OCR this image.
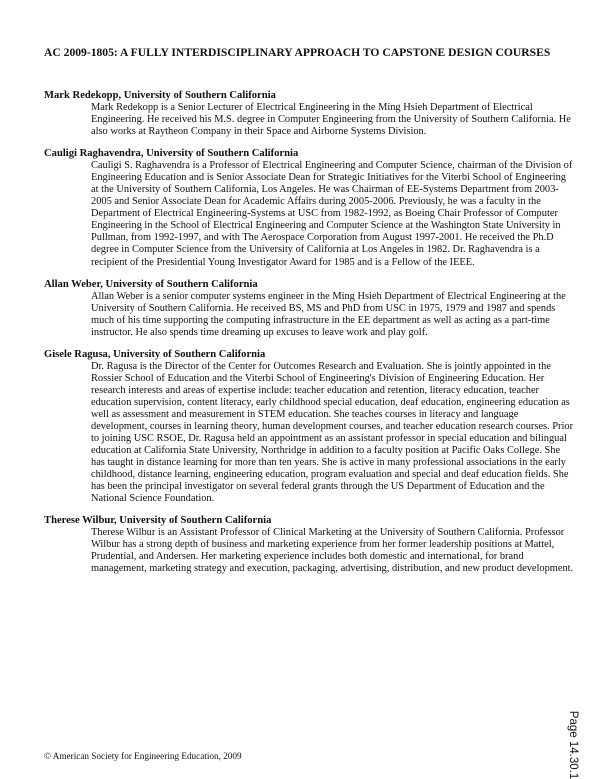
AC 2009-1805: A FULLY INTERDISCIPLINARY APPROACH TO CAPSTONE DESIGN COURSES

Mark Redekopp, University of Southern California

Mark Redekopp is a Senior Lecturer of Electrical Engineering in the Ming Hsieh Department of Electrical Engineering. He received his M.S. degree in Computer Engineering from the University of Southern California. He also works at Raytheon Company in their Space and Airborne Systems Division.

Cauligi Raghavendra, University of Southern California

Cauligi S. Raghavendra is a Professor of Electrical Engineering and Computer Science, chairman of the Division of Engineering Education and is Senior Associate Dean for Strategic Initiatives for the Viterbi School of Engineering at the University of Southern California, Los Angeles. He was Chairman of EE-Systems Department from 2003-2005 and Senior Associate Dean for Academic Affairs during 2005-2006. Previously, he was a faculty in the Department of Electrical Engineering-Systems at USC from 1982-1992, as Boeing Chair Professor of Computer Engineering in the School of Electrical Engineering and Computer Science at the Washington State University in Pullman, from 1992-1997, and with The Aerospace Corporation from August 1997-2001. He received the Ph.D degree in Computer Science from the University of California at Los Angeles in 1982. Dr. Raghavendra is a recipient of the Presidential Young Investigator Award for 1985 and is a Fellow of the IEEE.

Allan Weber, University of Southern California

Allan Weber is a senior computer systems engineer in the Ming Hsieh Department of Electrical Engineering at the University of Southern California. He received BS, MS and PhD from USC in 1975, 1979 and 1987 and spends much of his time supporting the computing infrastructure in the EE department as well as acting as a part-time instructor. He also spends time dreaming up excuses to leave work and play golf.

Gisele Ragusa, University of Southern California

Dr. Ragusa is the Director of the Center for Outcomes Research and Evaluation. She is jointly appointed in the Rossier School of Education and the Viterbi School of Engineering's Division of Engineering Education. Her research interests and areas of expertise include: teacher education and retention, literacy education, teacher education supervision, content literacy, early childhood special education, deaf education, engineering education as well as assessment and measurement in STEM education. She teaches courses in literacy and language development, courses in learning theory, human development courses, and teacher education research courses. Prior to joining USC RSOE, Dr. Ragusa held an appointment as an assistant professor in special education and bilingual education at California State University, Northridge in addition to a faculty position at Pacific Oaks College. She has taught in distance learning for more than ten years. She is active in many professional associations in the early childhood, distance learning, engineering education, program evaluation and special and deaf education fields. She has been the principal investigator on several federal grants through the US Department of Education and the National Science Foundation.

Therese Wilbur, University of Southern California

Therese Wilbur is an Assistant Professor of Clinical Marketing at the University of Southern California. Professor Wilbur has a strong depth of business and marketing experience from her former leadership positions at Mattel, Prudential, and Andersen. Her marketing experience includes both domestic and international, for brand management, marketing strategy and execution, packaging, advertising, distribution, and new product development.

© American Society for Engineering Education, 2009	Page 14.30.1
